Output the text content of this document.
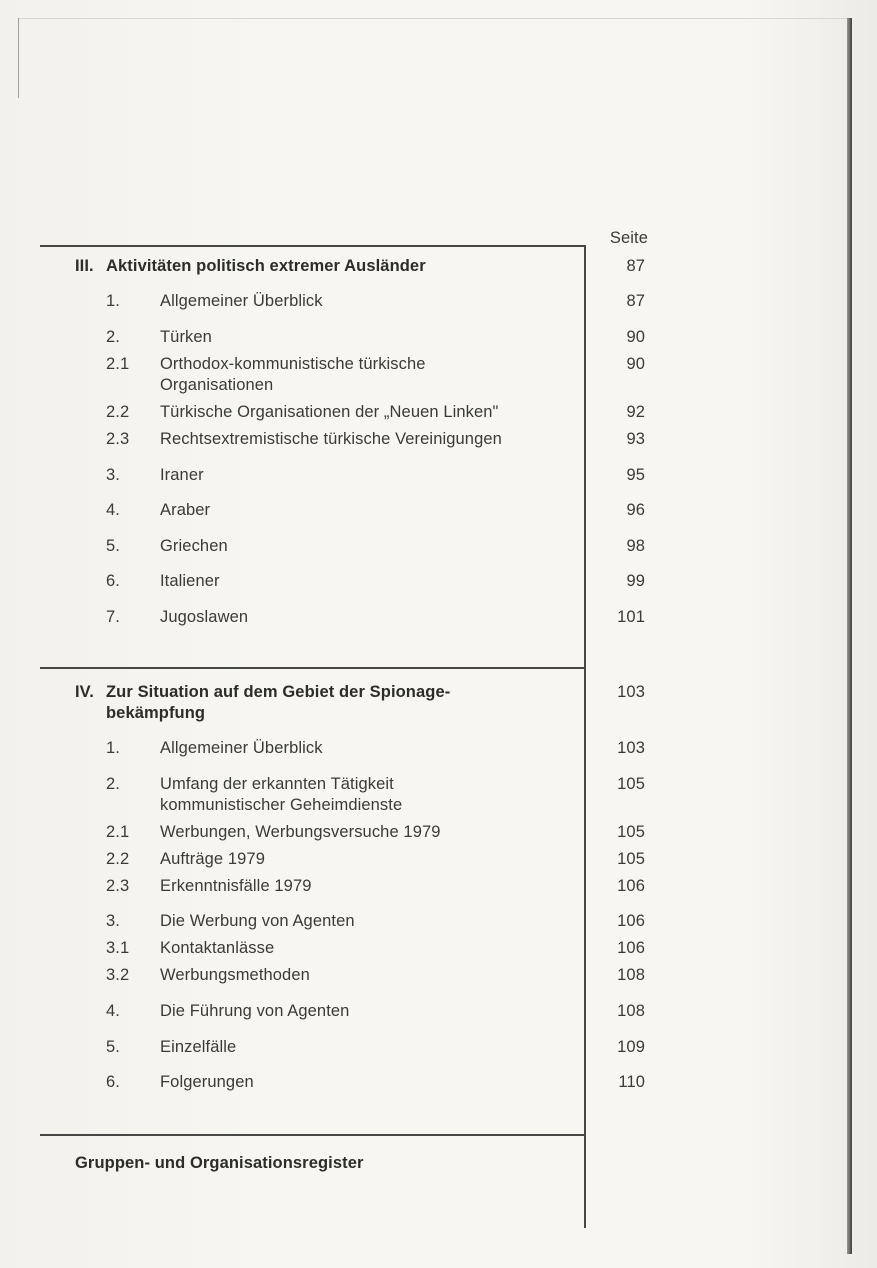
Seite
III. Aktivitäten politisch extremer Ausländer	87
1. Allgemeiner Überblick	87
2. Türken	90
2.1 Orthodox-kommunistische türkische
Organisationen
90
2.2 Türkische Organisationen der „Neuen Linken"	92
2.3 Rechtsextremistische türkische Vereinigungen	93
3. Iraner	95
4. Araber	96
5. Griechen	98
6. Italiener	99
7. Jugoslawen	101
IV. Zur Situation auf dem Gebiet der Spionage-
bekämpfung
103
1. Allgemeiner Überblick	103
2. Umfang der erkannten Tätigkeit
kommunistischer Geheimdienste
105
2.1 Werbungen, Werbungsversuche 1979	105
2.2 Aufträge 1979	105
2.3 Erkenntnisfälle 1979	106
3. Die Werbung von Agenten	106
3.1 Kontaktanlässe	106
3.2 Werbungsmethoden	108
4. Die Führung von Agenten	108
5. Einzelfälle	109
6. Folgerungen	110
Gruppen- und Organisationsregister
